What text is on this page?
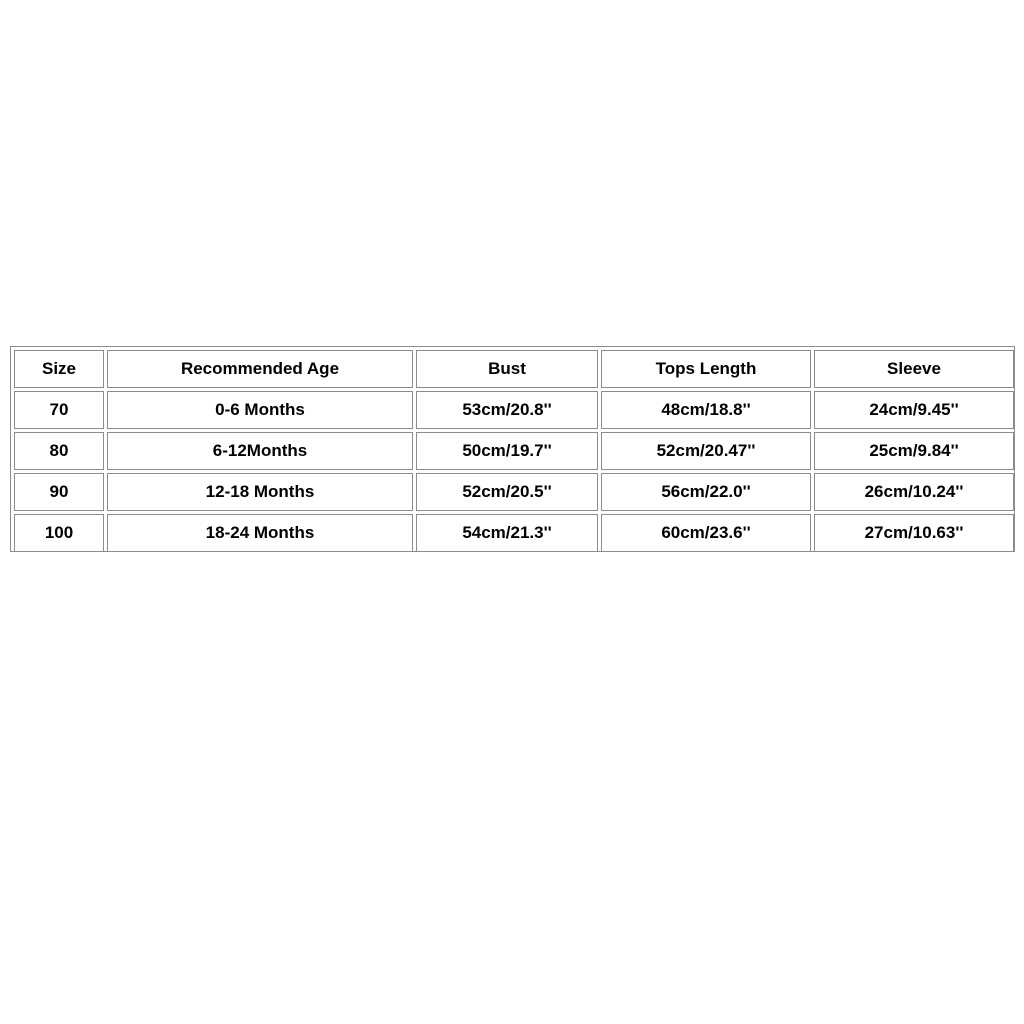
Size	Recommended Age	Bust	Tops Length	Sleeve
70	0-6 Months	53cm/20.8''	48cm/18.8''	24cm/9.45''
80	6-12Months	50cm/19.7''	52cm/20.47''	25cm/9.84''
90	12-18 Months	52cm/20.5''	56cm/22.0''	26cm/10.24''
100	18-24 Months	54cm/21.3''	60cm/23.6''	27cm/10.63''
